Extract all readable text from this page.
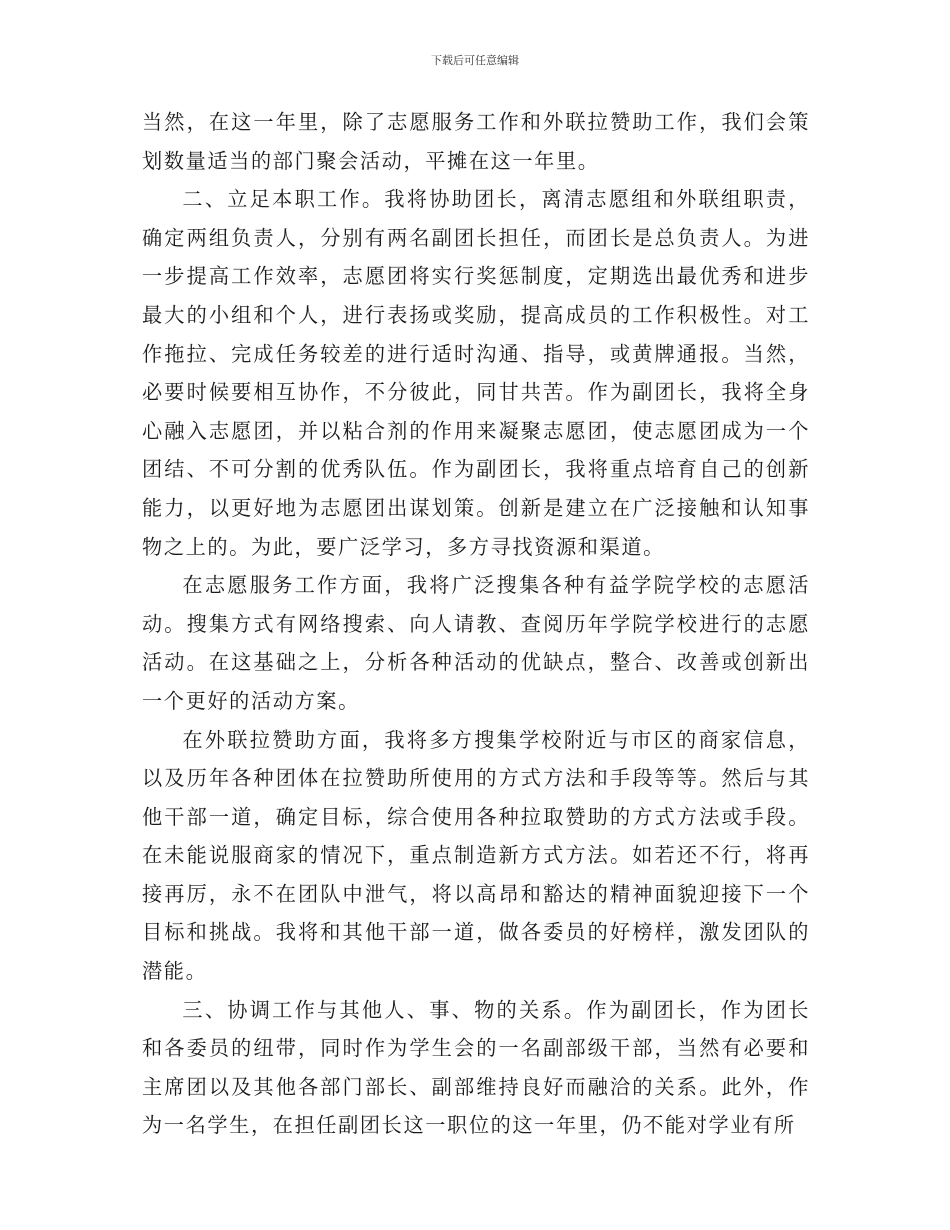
下载后可任意编辑

当然，在这一年里，除了志愿服务工作和外联拉赞助工作，我们会策划数量适当的部门聚会活动，平摊在这一年里。

二、立足本职工作。我将协助团长，离清志愿组和外联组职责，确定两组负责人，分别有两名副团长担任，而团长是总负责人。为进一步提高工作效率，志愿团将实行奖惩制度，定期选出最优秀和进步最大的小组和个人，进行表扬或奖励，提高成员的工作积极性。对工作拖拉、完成任务较差的进行适时沟通、指导，或黄牌通报。当然，必要时候要相互协作，不分彼此，同甘共苦。作为副团长，我将全身心融入志愿团，并以粘合剂的作用来凝聚志愿团，使志愿团成为一个团结、不可分割的优秀队伍。作为副团长，我将重点培育自己的创新能力，以更好地为志愿团出谋划策。创新是建立在广泛接触和认知事物之上的。为此，要广泛学习，多方寻找资源和渠道。

在志愿服务工作方面，我将广泛搜集各种有益学院学校的志愿活动。搜集方式有网络搜索、向人请教、查阅历年学院学校进行的志愿活动。在这基础之上，分析各种活动的优缺点，整合、改善或创新出一个更好的活动方案。

在外联拉赞助方面，我将多方搜集学校附近与市区的商家信息，以及历年各种团体在拉赞助所使用的方式方法和手段等等。然后与其他干部一道，确定目标，综合使用各种拉取赞助的方式方法或手段。在未能说服商家的情况下，重点制造新方式方法。如若还不行，将再接再厉，永不在团队中泄气，将以高昂和豁达的精神面貌迎接下一个目标和挑战。我将和其他干部一道，做各委员的好榜样，激发团队的潜能。

三、协调工作与其他人、事、物的关系。作为副团长，作为团长和各委员的纽带，同时作为学生会的一名副部级干部，当然有必要和主席团以及其他各部门部长、副部维持良好而融洽的关系。此外，作为一名学生，在担任副团长这一职位的这一年里，仍不能对学业有所
